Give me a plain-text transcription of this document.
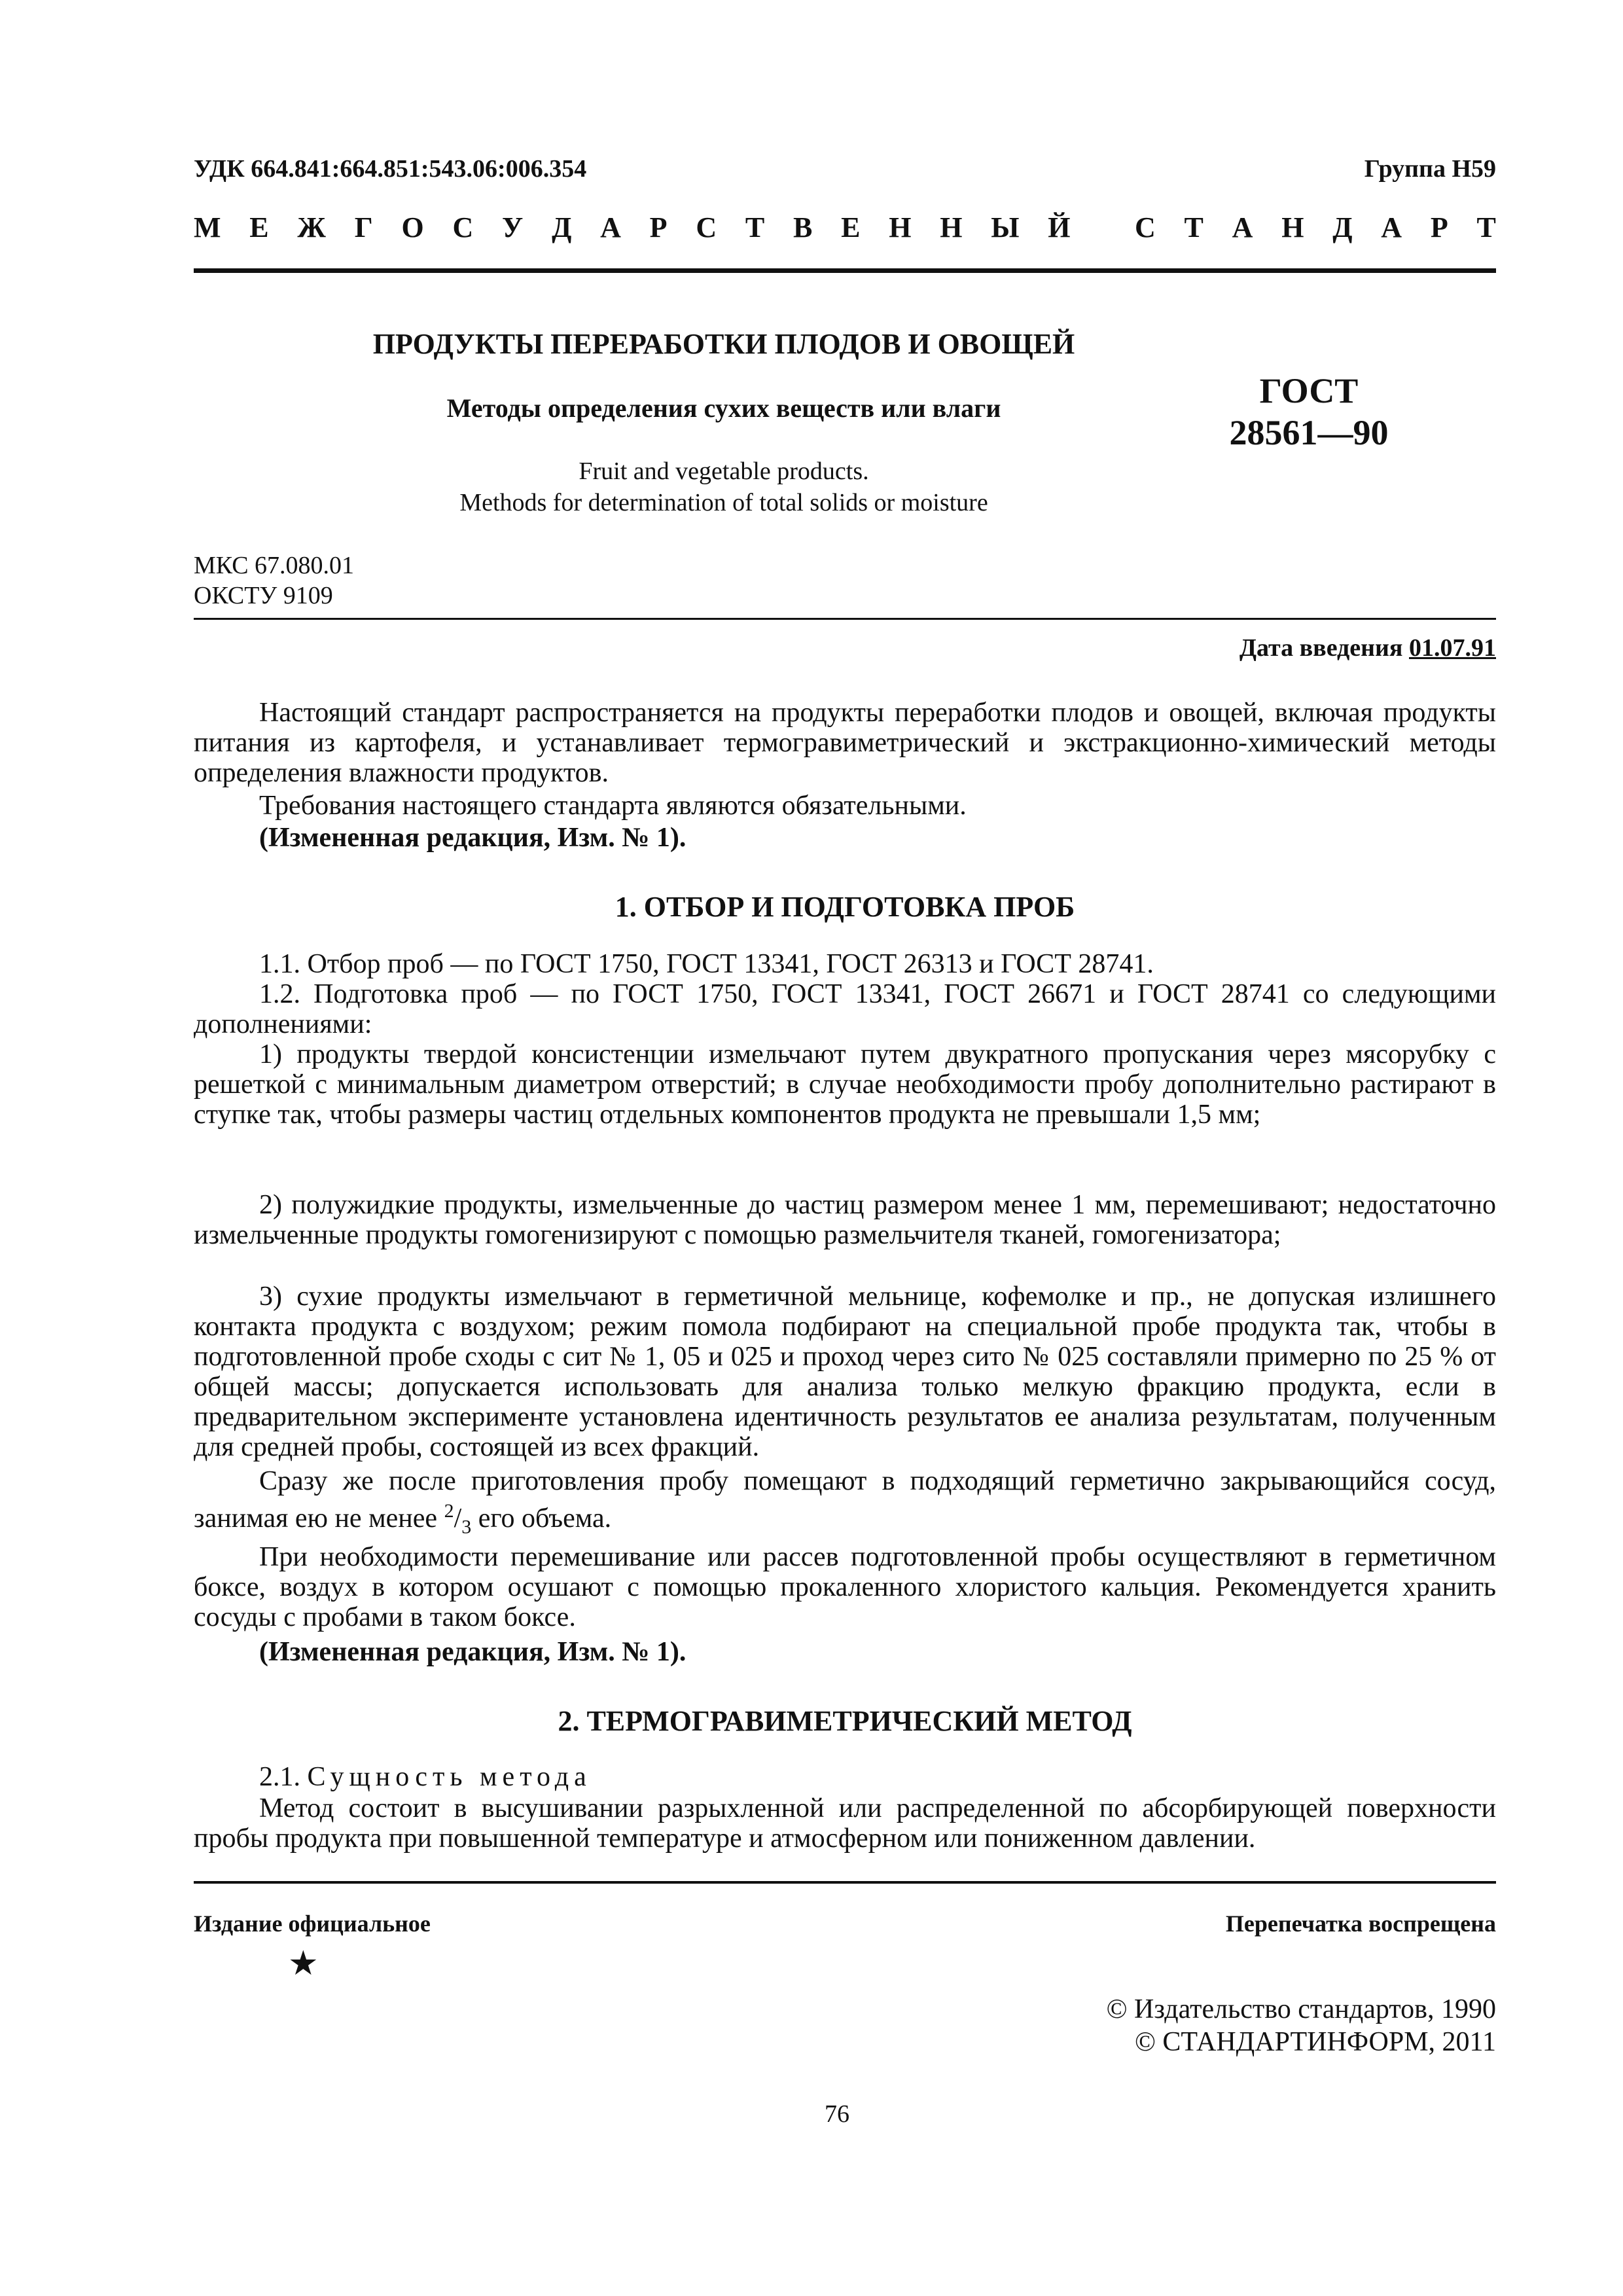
УДК 664.841:664.851:543.06:006.354	Группа Н59
М Е Ж Г О С У Д А Р С Т В Е Н Н Ы Й
С Т А Н Д А Р Т
ПРОДУКТЫ ПЕРЕРАБОТКИ ПЛОДОВ И ОВОЩЕЙ
Методы определения сухих веществ или влаги
Fruit and vegetable products.
Methods for determination of total solids or moisture
ГОСТ
28561—90
МКС 67.080.01
ОКСТУ 9109
Дата введения 01.07.91

Настоящий стандарт распространяется на продукты переработки плодов и овощей, включая продукты питания из картофеля, и устанавливает термогравиметрический и экстракционно-химический методы определения влажности продуктов.

Требования настоящего стандарта являются обязательными.

(Измененная редакция, Изм. № 1).
1. ОТБОР И ПОДГОТОВКА ПРОБ

1.1. Отбор проб — по ГОСТ 1750, ГОСТ 13341, ГОСТ 26313 и ГОСТ 28741.

1.2. Подготовка проб — по ГОСТ 1750, ГОСТ 13341, ГОСТ 26671 и ГОСТ 28741 со следующими дополнениями:

1) продукты твердой консистенции измельчают путем двукратного пропускания через мясорубку с решеткой с минимальным диаметром отверстий; в случае необходимости пробу дополнительно растирают в ступке так, чтобы размеры частиц отдельных компонентов продукта не превышали 1,5 мм;

2) полужидкие продукты, измельченные до частиц размером менее 1 мм, перемешивают; недостаточно измельченные продукты гомогенизируют с помощью размельчителя тканей, гомогенизатора;

3) сухие продукты измельчают в герметичной мельнице, кофемолке и пр., не допуская излишнего контакта продукта с воздухом; режим помола подбирают на специальной пробе продукта так, чтобы в подготовленной пробе сходы с сит № 1, 05 и 025 и проход через сито № 025 составляли примерно по 25 % от общей массы; допускается использовать для анализа только мелкую фракцию продукта, если в предварительном эксперименте установлена идентичность результатов ее анализа результатам, полученным для средней пробы, состоящей из всех фракций.

Сразу же после приготовления пробу помещают в подходящий герметично закрывающийся сосуд, занимая ею не менее $^2/_3$ его объема.

При необходимости перемешивание или рассев подготовленной пробы осуществляют в герметичном боксе, воздух в котором осушают с помощью прокаленного хлористого кальция. Рекомендуется хранить сосуды с пробами в таком боксе.

(Измененная редакция, Изм. № 1).
2. ТЕРМОГРАВИМЕТРИЧЕСКИЙ МЕТОД

2.1. Сущность метода

Метод состоит в высушивании разрыхленной или распределенной по абсорбирующей поверхности пробы продукта при повышенной температуре и атмосферном или пониженном давлении.

Издание официальное	Перепечатка воспрещена
★
© Издательство стандартов, 1990
© СТАНДАРТИНФОРМ, 2011
76
